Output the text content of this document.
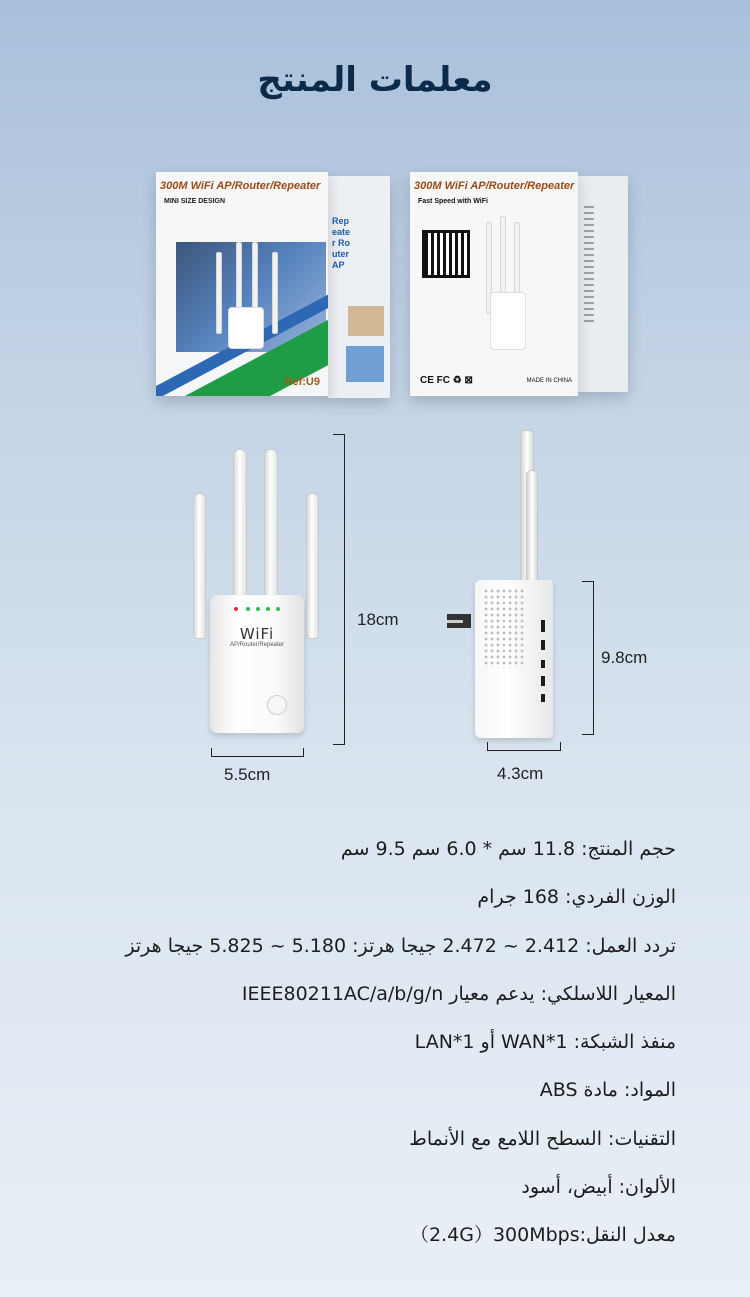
معلمات المنتج
Repeater Router AP
300M WiFi AP/Router/Repeater
MINI SIZE DESIGN
Ref:U9
300M WiFi AP/Router/Repeater
Fast Speed with WiFi
CE FC ♻ ⊠	MADE IN CHINA
WiFi
AP/Router/Repeater
18cm
5.5cm
9.8cm
4.3cm
حجم المنتج: 11.8 سم * 6.0 سم 9.5 سم
الوزن الفردي: 168 جرام
تردد العمل: 2.412 ~ 2.472 جيجا هرتز: 5.180 ~ 5.825 جيجا هرتز
المعيار اللاسلكي: يدعم معيار IEEE80211AC/a/b/g/n
منفذ الشبكة: WAN*1 أو LAN*1
المواد: مادة ABS
التقنيات: السطح اللامع مع الأنماط
الألوان: أبيض، أسود
معدل النقل:2.4G）300Mbps）
